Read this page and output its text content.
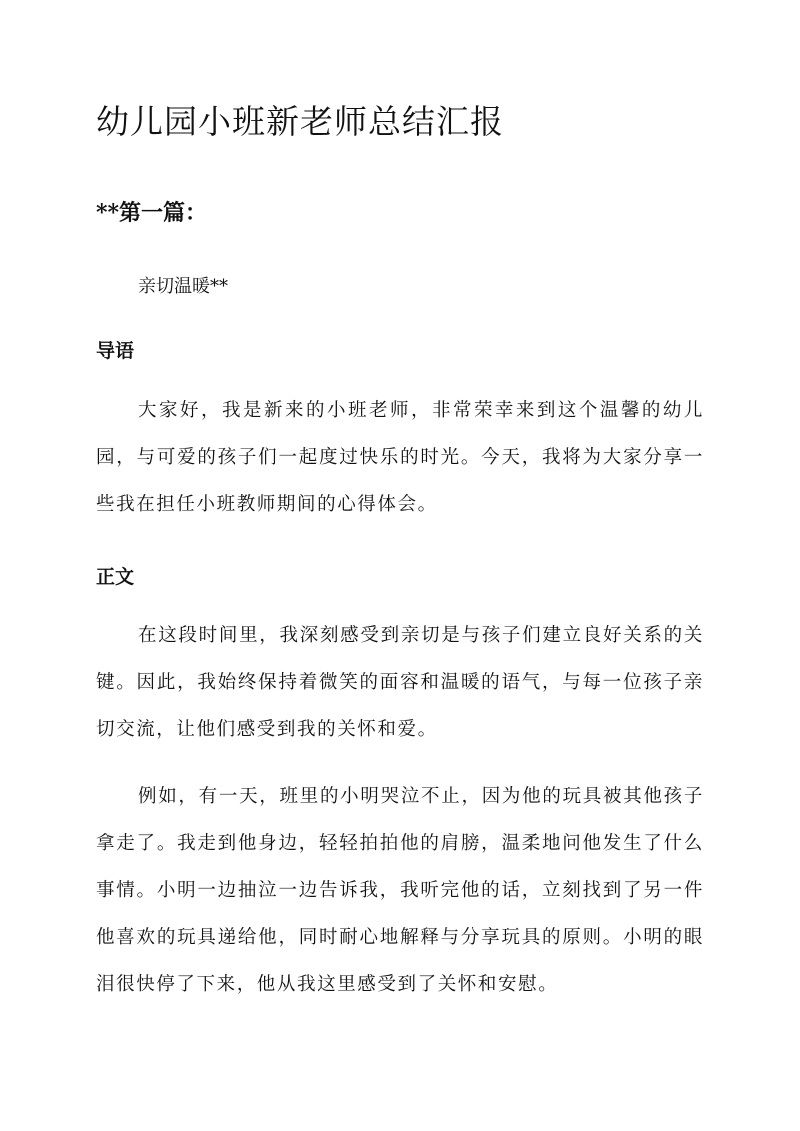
幼儿园小班新老师总结汇报
**第一篇：

亲切温暖**

导语

大家好，我是新来的小班老师，非常荣幸来到这个温馨的幼儿园，与可爱的孩子们一起度过快乐的时光。今天，我将为大家分享一些我在担任小班教师期间的心得体会。

正文

在这段时间里，我深刻感受到亲切是与孩子们建立良好关系的关键。因此，我始终保持着微笑的面容和温暖的语气，与每一位孩子亲切交流，让他们感受到我的关怀和爱。

例如，有一天，班里的小明哭泣不止，因为他的玩具被其他孩子拿走了。我走到他身边，轻轻拍拍他的肩膀，温柔地问他发生了什么事情。小明一边抽泣一边告诉我，我听完他的话，立刻找到了另一件他喜欢的玩具递给他，同时耐心地解释与分享玩具的原则。小明的眼泪很快停了下来，他从我这里感受到了关怀和安慰。
